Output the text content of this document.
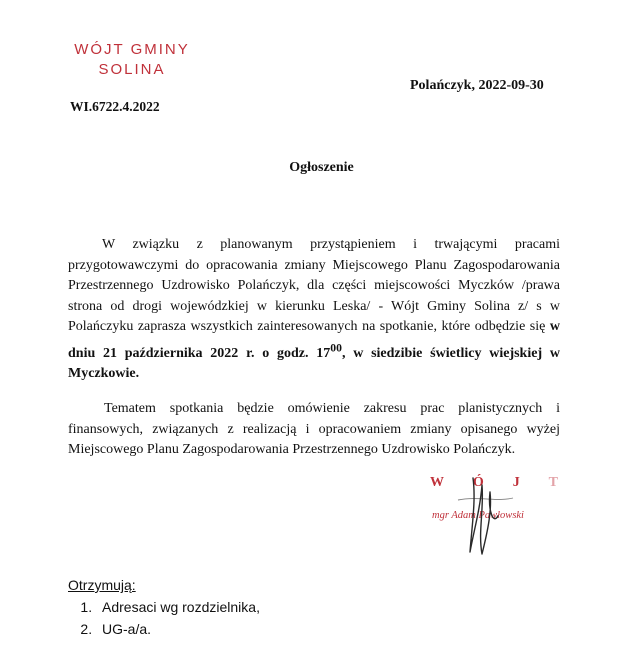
WÓJT GMINY
SOLINA
Polańczyk, 2022-09-30
WI.6722.4.2022
Ogłoszenie
W związku z planowanym przystąpieniem i trwającymi pracami przygotowawczymi do opracowania zmiany Miejscowego Planu Zagospodarowania Przestrzennego Uzdrowisko Polańczyk, dla części miejscowości Myczków /prawa strona od drogi wojewódzkiej w kierunku Leska/ - Wójt Gminy Solina z/ s w Polańczyku zaprasza wszystkich zainteresowanych na spotkanie, które odbędzie się w dniu 21 października 2022 r. o godz. $17^{00}$, w siedzibie świetlicy wiejskiej w Myczkowie.
Tematem spotkania będzie omówienie zakresu prac planistycznych i finansowych, związanych z realizacją i opracowaniem zmiany opisanego wyżej Miejscowego Planu Zagospodarowania Przestrzennego Uzdrowisko Polańczyk.
W Ó J T
mgr Adam Pawłowski
Otrzymują:
1. Adresaci wg rozdzielnika,
2. UG-a/a.
